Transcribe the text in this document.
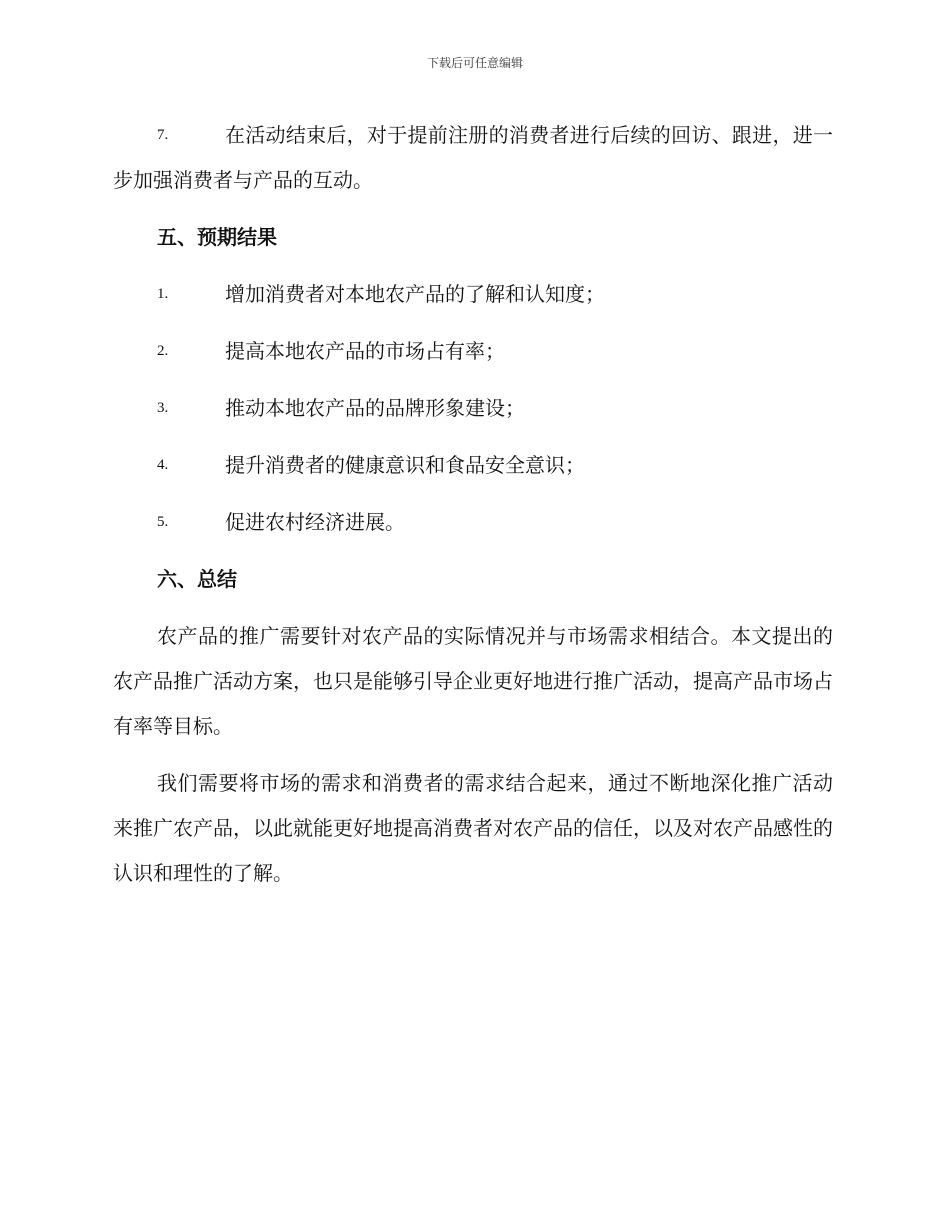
下载后可任意编辑
7.	在活动结束后，对于提前注册的消费者进行后续的回访、跟进，进一步加强消费者与产品的互动。
五、预期结果
1.	增加消费者对本地农产品的了解和认知度；
2.	提高本地农产品的市场占有率；
3.	推动本地农产品的品牌形象建设；
4.	提升消费者的健康意识和食品安全意识；
5.	促进农村经济进展。
六、总结
农产品的推广需要针对农产品的实际情况并与市场需求相结合。本文提出的农产品推广活动方案，也只是能够引导企业更好地进行推广活动，提高产品市场占有率等目标。
我们需要将市场的需求和消费者的需求结合起来，通过不断地深化推广活动来推广农产品，以此就能更好地提高消费者对农产品的信任，以及对农产品感性的认识和理性的了解。
